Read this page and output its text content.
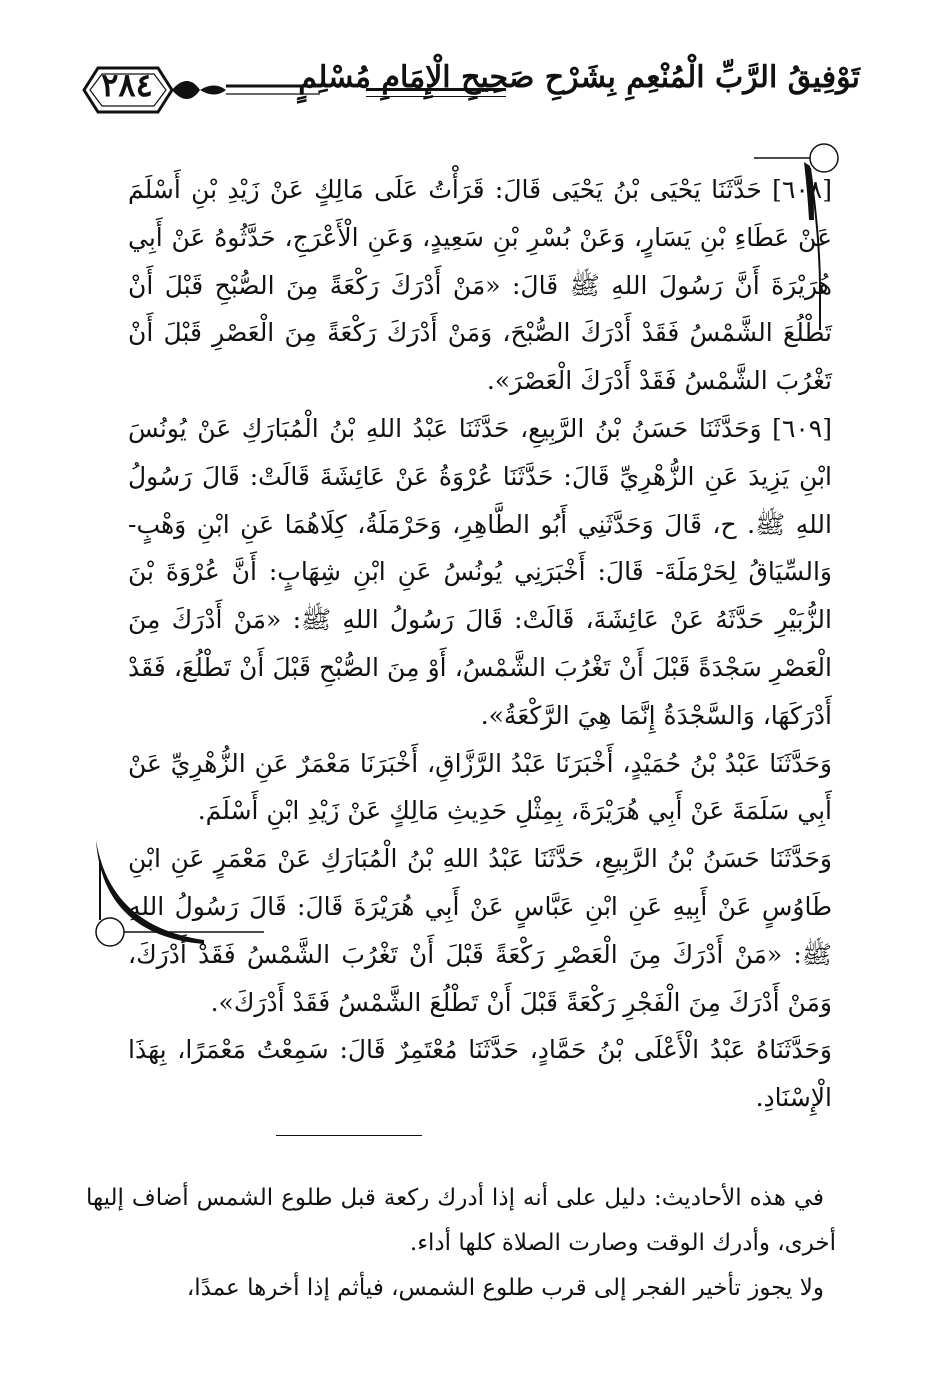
٢٨٤	تَوْفِيقُ الرَّبِّ الْمُنْعِمِ بِشَرْحِ صَحِيحِ الْإِمَامِ مُسْلِمٍ

[٦٠٨] حَدَّثَنَا يَحْيَى بْنُ يَحْيَى قَالَ: قَرَأْتُ عَلَى مَالِكٍ عَنْ زَيْدِ بْنِ أَسْلَمَ عَنْ عَطَاءِ بْنِ يَسَارٍ، وَعَنْ بُسْرِ بْنِ سَعِيدٍ، وَعَنِ الْأَعْرَجِ، حَدَّثُوهُ عَنْ أَبِي هُرَيْرَةَ أَنَّ رَسُولَ اللهِ ﷺ قَالَ: «مَنْ أَدْرَكَ رَكْعَةً مِنَ الصُّبْحِ قَبْلَ أَنْ تَطْلُعَ الشَّمْسُ فَقَدْ أَدْرَكَ الصُّبْحَ، وَمَنْ أَدْرَكَ رَكْعَةً مِنَ الْعَصْرِ قَبْلَ أَنْ تَغْرُبَ الشَّمْسُ فَقَدْ أَدْرَكَ الْعَصْرَ».

[٦٠٩] وَحَدَّثَنَا حَسَنُ بْنُ الرَّبِيعِ، حَدَّثَنَا عَبْدُ اللهِ بْنُ الْمُبَارَكِ عَنْ يُونُسَ ابْنِ يَزِيدَ عَنِ الزُّهْرِيِّ قَالَ: حَدَّثَنَا عُرْوَةُ عَنْ عَائِشَةَ قَالَتْ: قَالَ رَسُولُ اللهِ ﷺ. ح، قَالَ وَحَدَّثَنِي أَبُو الطَّاهِرِ، وَحَرْمَلَةُ، كِلَاهُمَا عَنِ ابْنِ وَهْبٍ- وَالسِّيَاقُ لِحَرْمَلَةَ- قَالَ: أَخْبَرَنِي يُونُسُ عَنِ ابْنِ شِهَابٍ: أَنَّ عُرْوَةَ بْنَ الزُّبَيْرِ حَدَّثَهُ عَنْ عَائِشَةَ، قَالَتْ: قَالَ رَسُولُ اللهِ ﷺ: «مَنْ أَدْرَكَ مِنَ الْعَصْرِ سَجْدَةً قَبْلَ أَنْ تَغْرُبَ الشَّمْسُ، أَوْ مِنَ الصُّبْحِ قَبْلَ أَنْ تَطْلُعَ، فَقَدْ أَدْرَكَهَا، وَالسَّجْدَةُ إِنَّمَا هِيَ الرَّكْعَةُ».

وَحَدَّثَنَا عَبْدُ بْنُ حُمَيْدٍ، أَخْبَرَنَا عَبْدُ الرَّزَّاقِ، أَخْبَرَنَا مَعْمَرٌ عَنِ الزُّهْرِيِّ عَنْ أَبِي سَلَمَةَ عَنْ أَبِي هُرَيْرَةَ، بِمِثْلِ حَدِيثِ مَالِكٍ عَنْ زَيْدِ ابْنِ أَسْلَمَ.

وَحَدَّثَنَا حَسَنُ بْنُ الرَّبِيعِ، حَدَّثَنَا عَبْدُ اللهِ بْنُ الْمُبَارَكِ عَنْ مَعْمَرٍ عَنِ ابْنِ طَاوُسٍ عَنْ أَبِيهِ عَنِ ابْنِ عَبَّاسٍ عَنْ أَبِي هُرَيْرَةَ قَالَ: قَالَ رَسُولُ اللهِ ﷺ: «مَنْ أَدْرَكَ مِنَ الْعَصْرِ رَكْعَةً قَبْلَ أَنْ تَغْرُبَ الشَّمْسُ فَقَدْ أَدْرَكَ، وَمَنْ أَدْرَكَ مِنَ الْفَجْرِ رَكْعَةً قَبْلَ أَنْ تَطْلُعَ الشَّمْسُ فَقَدْ أَدْرَكَ».

وَحَدَّثَنَاهُ عَبْدُ الْأَعْلَى بْنُ حَمَّادٍ، حَدَّثَنَا مُعْتَمِرٌ قَالَ: سَمِعْتُ مَعْمَرًا، بِهَذَا الْإِسْنَادِ.

في هذه الأحاديث: دليل على أنه إذا أدرك ركعة قبل طلوع الشمس أضاف إليها أخرى، وأدرك الوقت وصارت الصلاة كلها أداء.

ولا يجوز تأخير الفجر إلى قرب طلوع الشمس، فيأثم إذا أخرها عمدًا،
